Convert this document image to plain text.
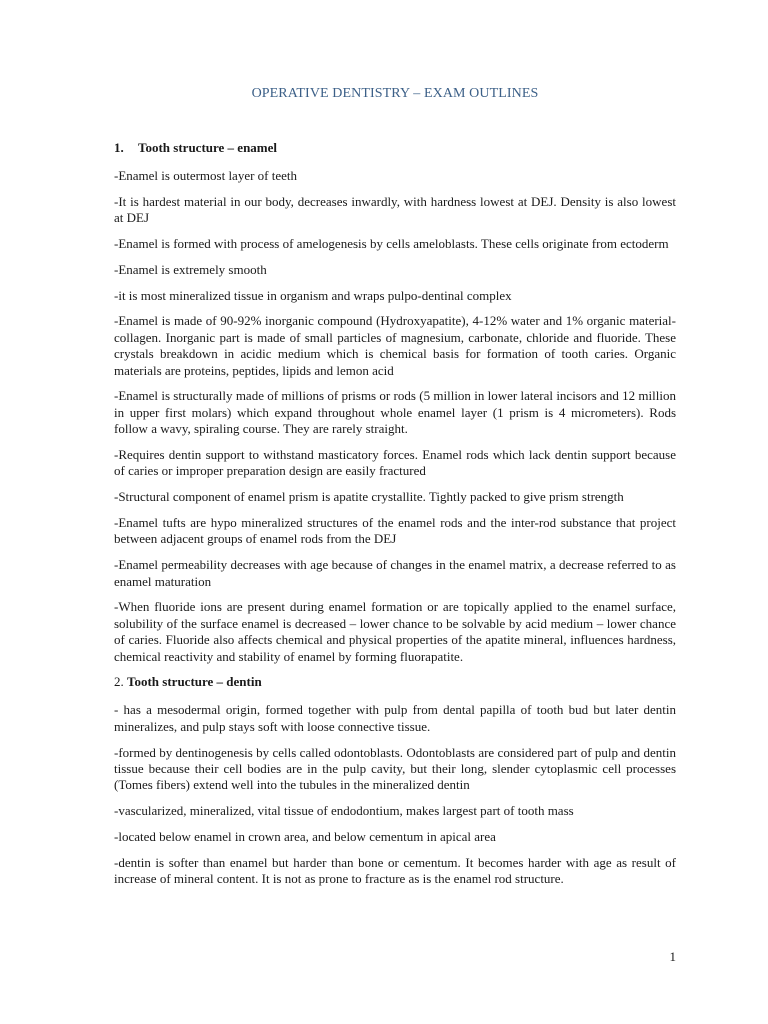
OPERATIVE DENTISTRY – EXAM OUTLINES
1. Tooth structure – enamel

-Enamel is outermost layer of teeth

-It is hardest material in our body, decreases inwardly, with hardness lowest at DEJ. Density is also lowest at DEJ

-Enamel is formed with process of amelogenesis by cells ameloblasts. These cells originate from ectoderm

-Enamel is extremely smooth

-it is most mineralized tissue in organism and wraps pulpo-dentinal complex

-Enamel is made of 90-92% inorganic compound (Hydroxyapatite), 4-12% water and 1% organic material- collagen. Inorganic part is made of small particles of magnesium, carbonate, chloride and fluoride. These crystals breakdown in acidic medium which is chemical basis for formation of tooth caries. Organic materials are proteins, peptides, lipids and lemon acid

-Enamel is structurally made of millions of prisms or rods (5 million in lower lateral incisors and 12 million in upper first molars) which expand throughout whole enamel layer (1 prism is 4 micrometers). Rods follow a wavy, spiraling course. They are rarely straight.

-Requires dentin support to withstand masticatory forces. Enamel rods which lack dentin support because of caries or improper preparation design are easily fractured

-Structural component of enamel prism is apatite crystallite. Tightly packed to give prism strength

-Enamel tufts are hypo mineralized structures of the enamel rods and the inter-rod substance that project between adjacent groups of enamel rods from the DEJ

-Enamel permeability decreases with age because of changes in the enamel matrix, a decrease referred to as enamel maturation

-When fluoride ions are present during enamel formation or are topically applied to the enamel surface, solubility of the surface enamel is decreased – lower chance to be solvable by acid medium – lower chance of caries. Fluoride also affects chemical and physical properties of the apatite mineral, influences hardness, chemical reactivity and stability of enamel by forming fluorapatite.

2. Tooth structure – dentin

- has a mesodermal origin, formed together with pulp from dental papilla of tooth bud but later dentin mineralizes, and pulp stays soft with loose connective tissue.

-formed by dentinogenesis by cells called odontoblasts. Odontoblasts are considered part of pulp and dentin tissue because their cell bodies are in the pulp cavity, but their long, slender cytoplasmic cell processes (Tomes fibers) extend well into the tubules in the mineralized dentin

-vascularized, mineralized, vital tissue of endodontium, makes largest part of tooth mass

-located below enamel in crown area, and below cementum in apical area

-dentin is softer than enamel but harder than bone or cementum. It becomes harder with age as result of increase of mineral content. It is not as prone to fracture as is the enamel rod structure.

1
